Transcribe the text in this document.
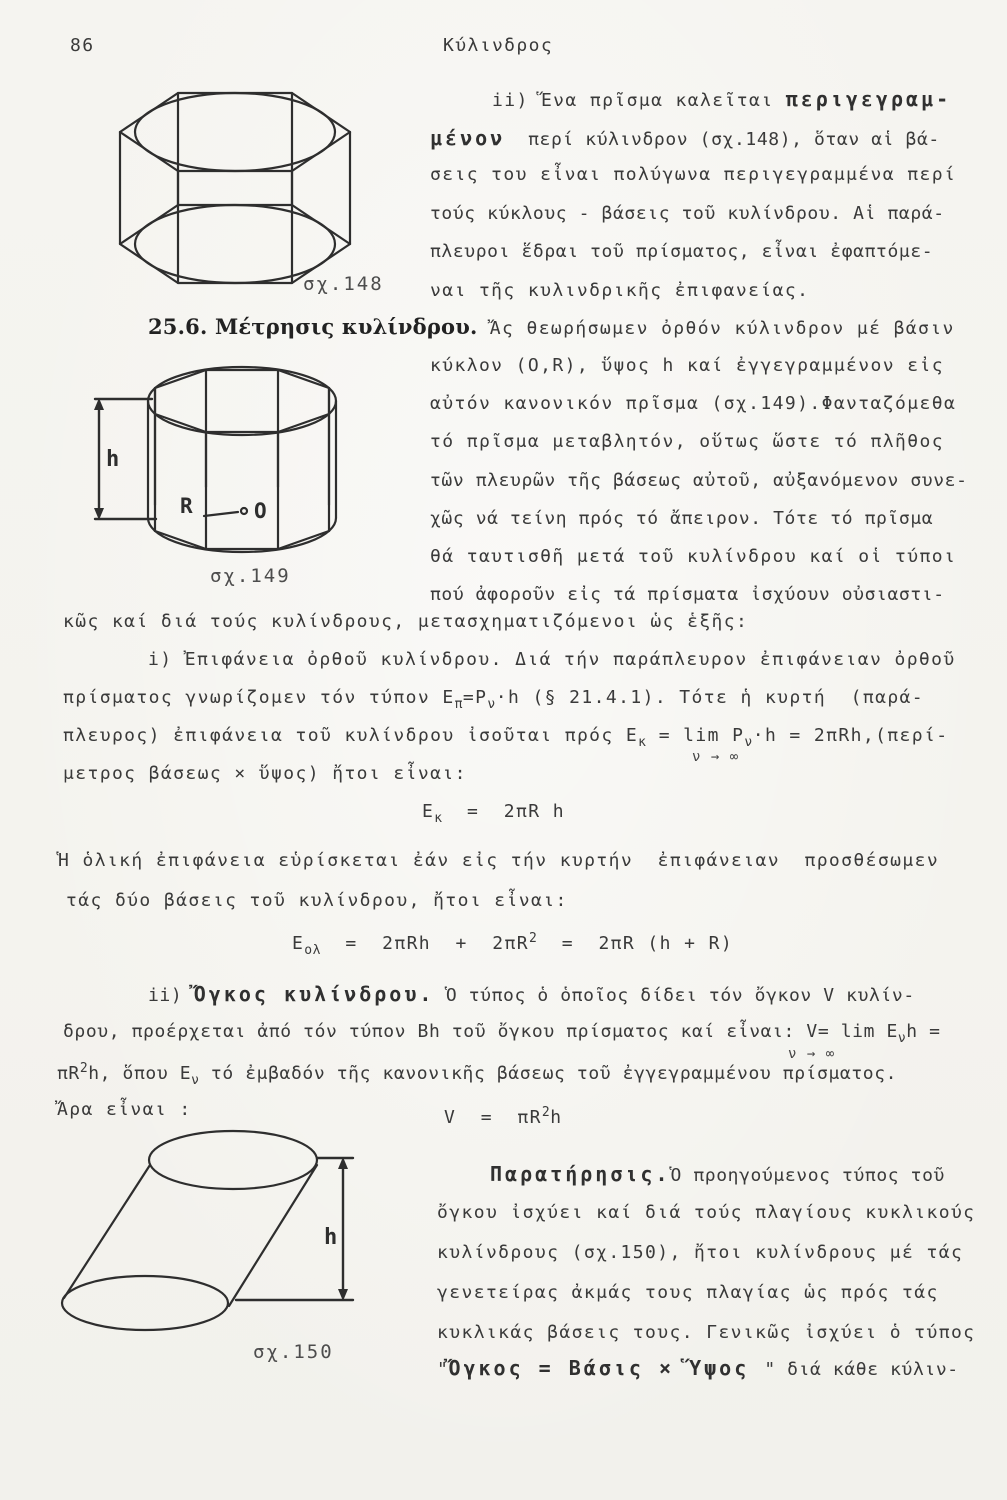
86	Κύλινδρος
σχ.148
ii) Ἕνα πρῖσμα καλεῖται περιγεγραμ-
μένον  περί κύλινδρον (σχ.148), ὅταν αἱ βά-
σεις του εἶναι πολύγωνα περιγεγραμμένα περί
τούς κύκλους - βάσεις τοῦ κυλίνδρου. Αἱ παρά-
πλευροι ἕδραι τοῦ πρίσματος, εἶναι ἐφαπτόμε-
ναι τῆς κυλινδρικῆς ἐπιφανείας.
25.6. Μέτρησις κυλίνδρου. Ἄς θεωρήσωμεν ὀρθόν κύλινδρον μέ βάσιν
h
R	O
σχ.149
κύκλον (O,R), ὕψος h καί ἐγγεγραμμένον εἰς
αὐτόν κανονικόν πρῖσμα (σχ.149).Φανταζόμεθα
τό πρῖσμα μεταβλητόν, οὕτως ὥστε τό πλῆθος
τῶν πλευρῶν τῆς βάσεως αὐτοῦ, αὐξανόμενον συνε-
χῶς νά τείνη πρός τό ἄπειρον. Τότε τό πρῖσμα
θά ταυτισθῆ μετά τοῦ κυλίνδρου καί οἱ τύποι
πού ἀφοροῦν εἰς τά πρίσματα ἰσχύουν οὐσιαστι-
κῶς καί διά τούς κυλίνδρους, μετασχηματιζόμενοι ὡς ἑξῆς:
i) Ἐπιφάνεια ὀρθοῦ κυλίνδρου. Διά τήν παράπλευρον ἐπιφάνειαν ὀρθοῦ
πρίσματος γνωρίζομεν τόν τύπον $E_\pi=P_\nu\cdot h$ (§ 21.4.1). Τότε ἡ κυρτή  (παρά-
πλευρος) ἐπιφάνεια τοῦ κυλίνδρου ἰσοῦται πρός $E_\kappa = \lim P_\nu\cdot h = 2\pi Rh,(\pi\varepsilon\rho ί-$
ν → ∞
μετρος βάσεως × ὕψος) ἤτοι εἶναι:
$E_\kappa = 2\pi R$ h
Ἡ ὁλική ἐπιφάνεια εὑρίσκεται ἐάν εἰς τήν κυρτήν  ἐπιφάνειαν  προσθέσωμεν
τάς δύο βάσεις τοῦ κυλίνδρου, ἤτοι εἶναι:
$E_{o\lambda} = 2\pi Rh + 2\pi R^2 = 2\pi R$ (h + R)
ii) Ὄγκος κυλίνδρου. Ὁ τύπος ὁ ὁποῖος δίδει τόν ὄγκον V κυλίν-
δρου, προέρχεται ἀπό τόν τύπον Bh τοῦ ὄγκου πρίσματος καί εἶναι: $V= \lim E_\nu h$ =
ν → ∞
$\pi R^2h$, ὅπου $E_\nu$ τό ἐμβαδόν τῆς κανονικῆς βάσεως τοῦ ἐγγεγραμμένου πρίσματος.
Ἄρα εἶναι :	$V = \pi R^2h$
h
σχ.150
Παρατήρησις.Ὁ προηγούμενος τύπος τοῦ
ὄγκου ἰσχύει καί διά τούς πλαγίους κυκλικούς
κυλίνδρους (σχ.150), ἤτοι κυλίνδρους μέ τάς
γενετείρας ἀκμάς τους πλαγίας ὡς πρός τάς
κυκλικάς βάσεις τους. Γενικῶς ἰσχύει ὁ τύπος
"Ὄγκος = Βάσις × Ὕψος " διά κάθε κύλιν-
